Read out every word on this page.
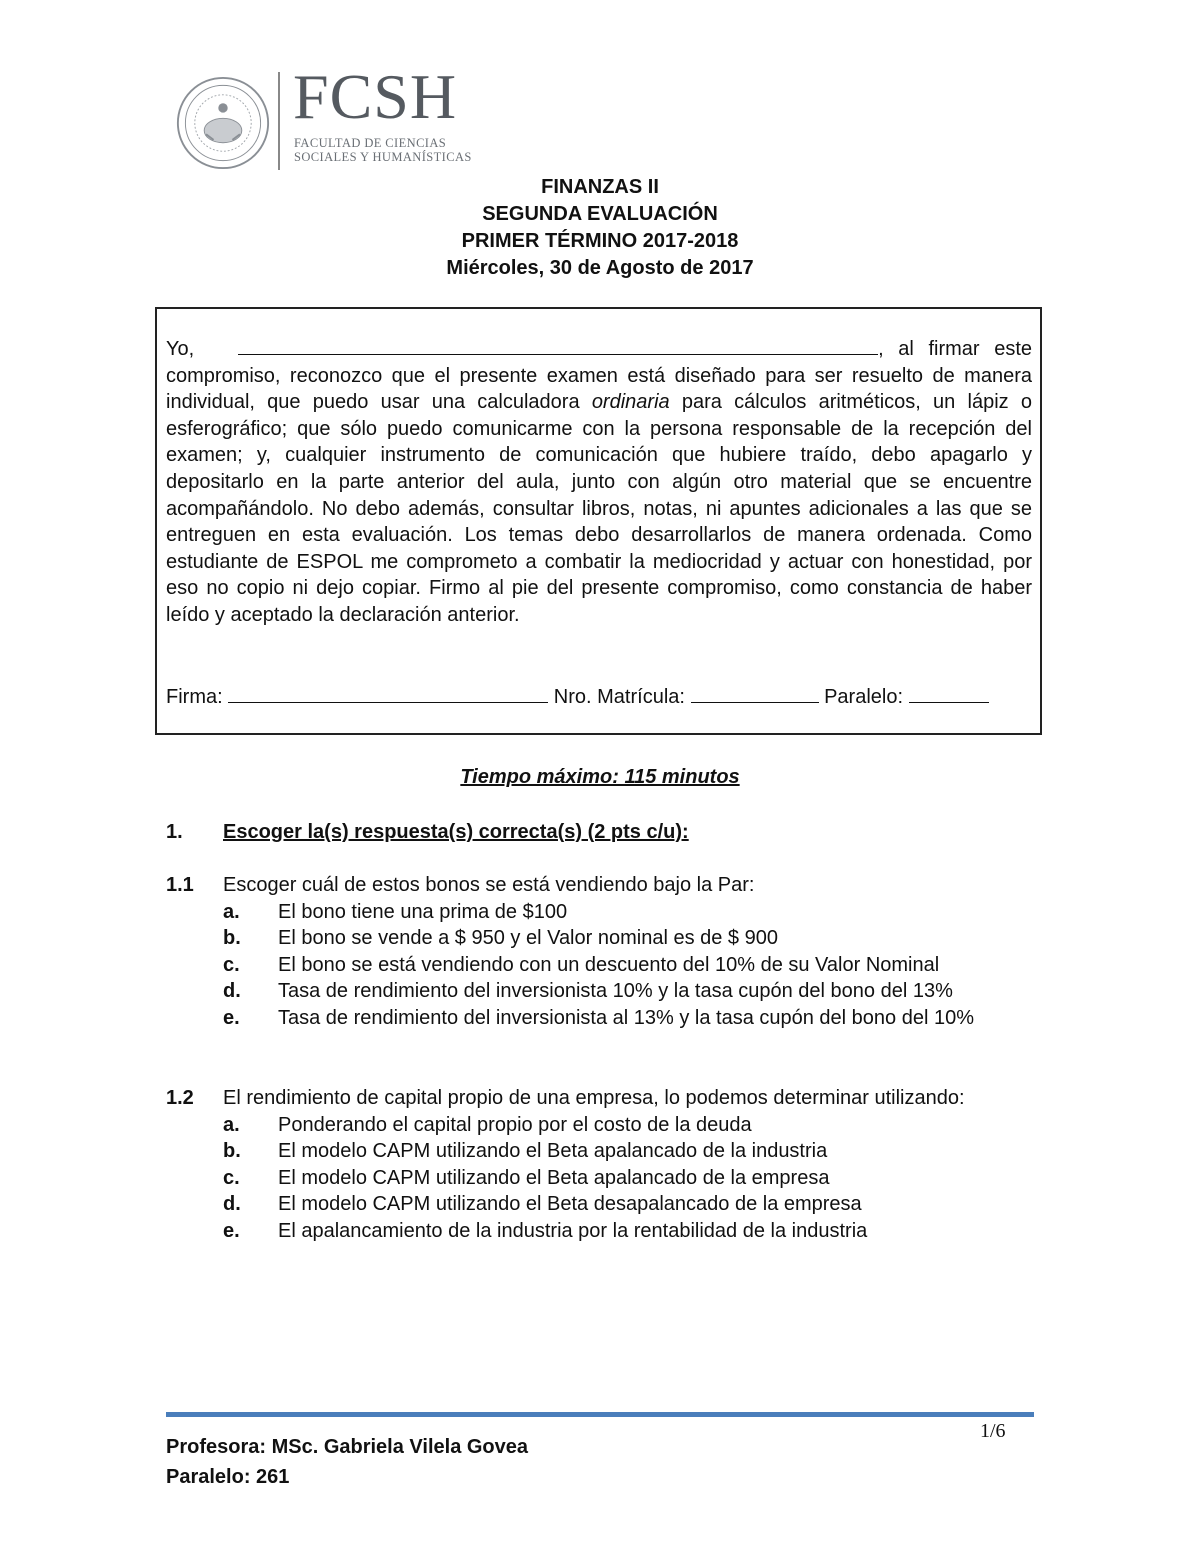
FCSH
FACULTAD DE CIENCIAS
SOCIALES Y HUMANÍSTICAS
FINANZAS II
SEGUNDA EVALUACIÓN
PRIMER TÉRMINO 2017-2018
Miércoles, 30 de Agosto de 2017
Yo,	, al firmar este compromiso, reconozco que el presente examen está diseñado para ser resuelto de manera individual, que puedo usar una calculadora ordinaria para cálculos aritméticos, un lápiz o esferográfico; que sólo puedo comunicarme con la persona responsable de la recepción del examen; y, cualquier instrumento de comunicación que hubiere traído, debo apagarlo y depositarlo en la parte anterior del aula, junto con algún otro material que se encuentre acompañándolo. No debo además, consultar libros, notas, ni apuntes adicionales a las que se entreguen en esta evaluación. Los temas debo desarrollarlos de manera ordenada. Como estudiante de ESPOL me comprometo a combatir la mediocridad y actuar con honestidad, por eso no copio ni dejo copiar. Firmo al pie del presente compromiso, como constancia de haber leído y aceptado la declaración anterior.
Firma:	Nro. Matrícula:	Paralelo:
Tiempo máximo: 115 minutos
1. Escoger la(s) respuesta(s) correcta(s) (2 pts c/u):
1.1 Escoger cuál de estos bonos se está vendiendo bajo la Par:
a. El bono tiene una prima de $100
b. El bono se vende a $ 950 y el Valor nominal es de $ 900
c. El bono se está vendiendo con un descuento del 10% de su Valor Nominal
d. Tasa de rendimiento del inversionista 10% y la tasa cupón del bono del 13%
e. Tasa de rendimiento del inversionista al 13% y la tasa cupón del bono del 10%
1.2 El rendimiento de capital propio de una empresa, lo podemos determinar utilizando:
a. Ponderando el capital propio por el costo de la deuda
b. El modelo CAPM utilizando el Beta apalancado de la industria
c. El modelo CAPM utilizando el Beta apalancado de la empresa
d. El modelo CAPM utilizando el Beta desapalancado de la empresa
e. El apalancamiento de la industria por la rentabilidad de la industria
Profesora: MSc. Gabriela Vilela Govea
Paralelo: 261
1/6
